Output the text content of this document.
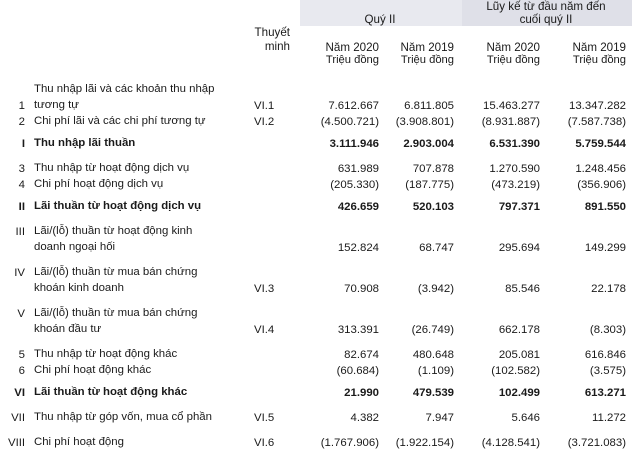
			Quý II		Lũy kế từ đầu năm đến
cuối quý II		

	Thuyết
minh		Năm 2020	Năm 2019	Năm 2020	Năm 2019	
			Triệu đồng	Triệu đồng	Triệu đồng	Triệu đồng	

	Thu nhập lãi và các khoản thu nhập						
1	tương tự	VI.1	7.612.667	6.811.805	15.463.277	13.347.282	
2	Chi phí lãi và các chi phí tương tự	VI.2	(4.500.721)	(3.908.801)	(8.931.887)	(7.587.738)	

I	Thu nhập lãi thuần		3.111.946	2.903.004	6.531.390	5.759.544	

3	Thu nhập từ hoạt động dịch vụ		631.989	707.878	1.270.590	1.248.456	
4	Chi phí hoạt động dịch vụ		(205.330)	(187.775)	(473.219)	(356.906)	

II	Lãi thuần từ hoạt động dịch vụ		426.659	520.103	797.371	891.550	

III	Lãi/(lỗ) thuần từ hoạt động kinh						
	doanh ngoại hối		152.824	68.747	295.694	149.299	

IV	Lãi/(lỗ) thuần từ mua bán chứng						
	khoán kinh doanh	VI.3	70.908	(3.942)	85.546	22.178	

V	Lãi/(lỗ) thuần từ mua bán chứng						
	khoán đầu tư	VI.4	313.391	(26.749)	662.178	(8.303)	

5	Thu nhập từ hoạt động khác		82.674	480.648	205.081	616.846	
6	Chi phí hoạt động khác		(60.684)	(1.109)	(102.582)	(3.575)	

VI	Lãi thuần từ hoạt động khác		21.990	479.539	102.499	613.271	

VII	Thu nhập từ góp vốn, mua cổ phần	VI.5	4.382	7.947	5.646	11.272	

VIII	Chi phí hoạt động	VI.6	(1.767.906)	(1.922.154)	(4.128.541)	(3.721.083)	
